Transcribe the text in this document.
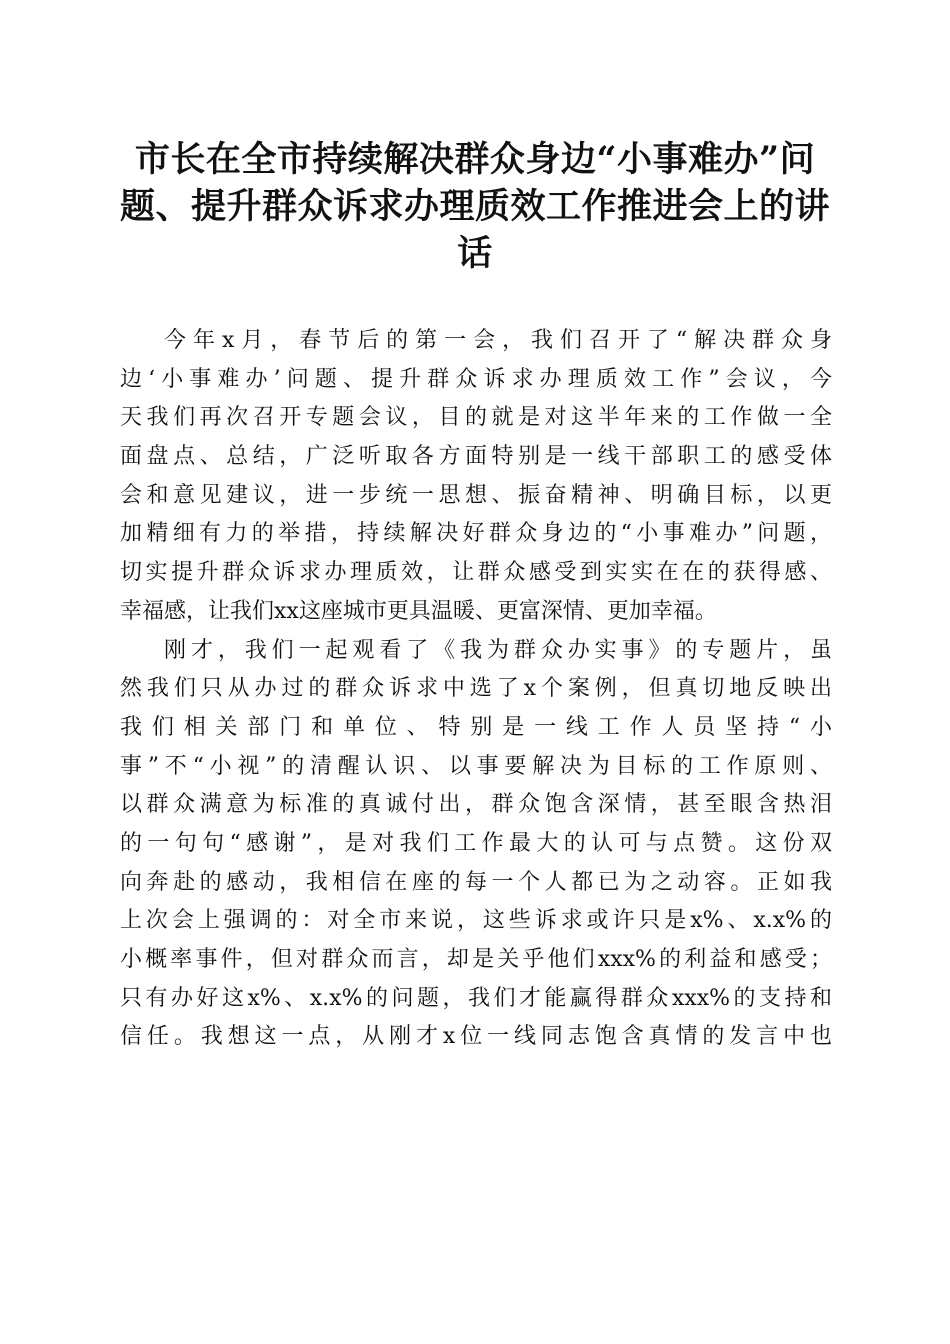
市长在全市持续解决群众身边“小事难办”问
题、提升群众诉求办理质效工作推进会上的讲
话
今年x月，春节后的第一会，我们召开了“解决群众身
边‘小事难办’问题、提升群众诉求办理质效工作”会议，今
天我们再次召开专题会议，目的就是对这半年来的工作做一全
面盘点、总结，广泛听取各方面特别是一线干部职工的感受体
会和意见建议，进一步统一思想、振奋精神、明确目标，以更
加精细有力的举措，持续解决好群众身边的“小事难办”问题，
切实提升群众诉求办理质效，让群众感受到实实在在的获得感、
幸福感，让我们xx这座城市更具温暖、更富深情、更加幸福。
刚才，我们一起观看了《我为群众办实事》的专题片，虽
然我们只从办过的群众诉求中选了x个案例，但真切地反映出
我们相关部门和单位、特别是一线工作人员坚持“小
事”不“小视”的清醒认识、以事要解决为目标的工作原则、
以群众满意为标准的真诚付出，群众饱含深情，甚至眼含热泪
的一句句“感谢”，是对我们工作最大的认可与点赞。这份双
向奔赴的感动，我相信在座的每一个人都已为之动容。正如我
上次会上强调的：对全市来说，这些诉求或许只是x%、x.x%的
小概率事件，但对群众而言，却是关乎他们xxx%的利益和感受；
只有办好这x%、x.x%的问题，我们才能赢得群众xxx%的支持和
信任。我想这一点，从刚才x位一线同志饱含真情的发言中也
